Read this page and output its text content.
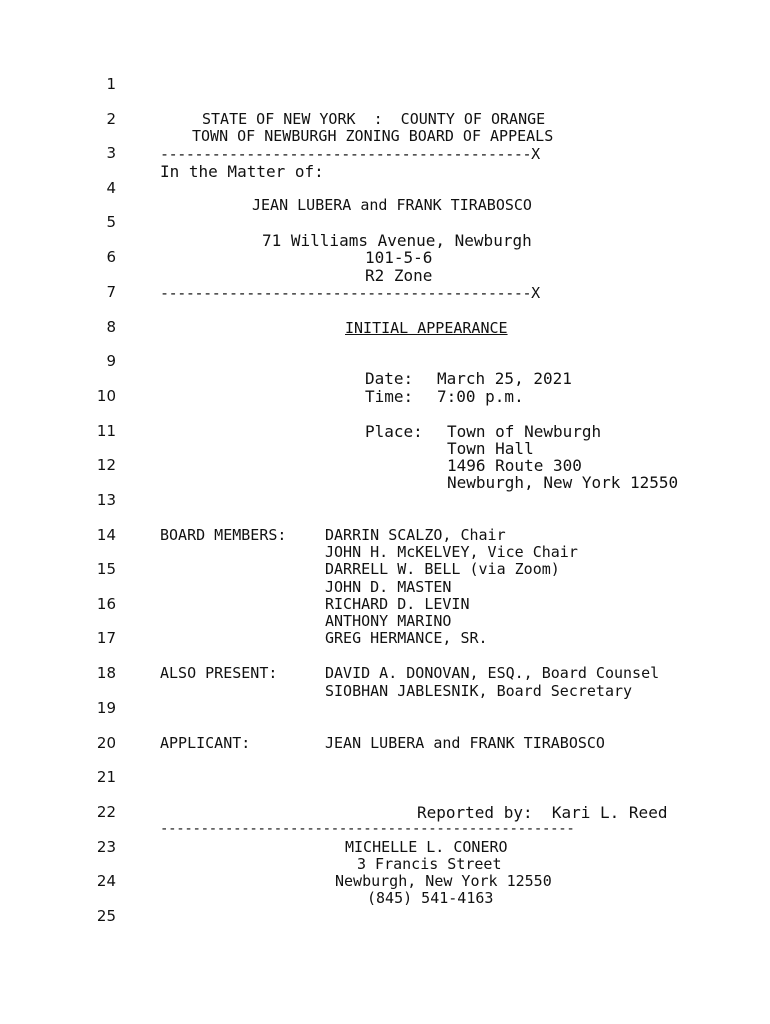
1
2
3
4
5
6
7
8
9
10
11
12
13
14
15
16
17
18
19
20
21
22
23
24
25
STATE OF NEW YORK  :  COUNTY OF ORANGE
TOWN OF NEWBURGH ZONING BOARD OF APPEALS
-------------------------------------------X
In the Matter of:
JEAN LUBERA and FRANK TIRABOSCO
71 Williams Avenue, Newburgh
101-5-6
R2 Zone
-------------------------------------------X
INITIAL APPEARANCE
Date: March 25, 2021
Time: 7:00 p.m.
Place: Town of Newburgh
Town Hall
1496 Route 300
Newburgh, New York 12550
BOARD MEMBERS:	DARRIN SCALZO, Chair
JOHN H. McKELVEY, Vice Chair
DARRELL W. BELL (via Zoom)
JOHN D. MASTEN
RICHARD D. LEVIN
ANTHONY MARINO
GREG HERMANCE, SR.
ALSO PRESENT:	DAVID A. DONOVAN, ESQ., Board Counsel
SIOBHAN JABLESNIK, Board Secretary
APPLICANT:	JEAN LUBERA and FRANK TIRABOSCO
Reported by:  Kari L. Reed
---------------------------------------------------
MICHELLE L. CONERO
3 Francis Street
Newburgh, New York 12550
(845) 541-4163
